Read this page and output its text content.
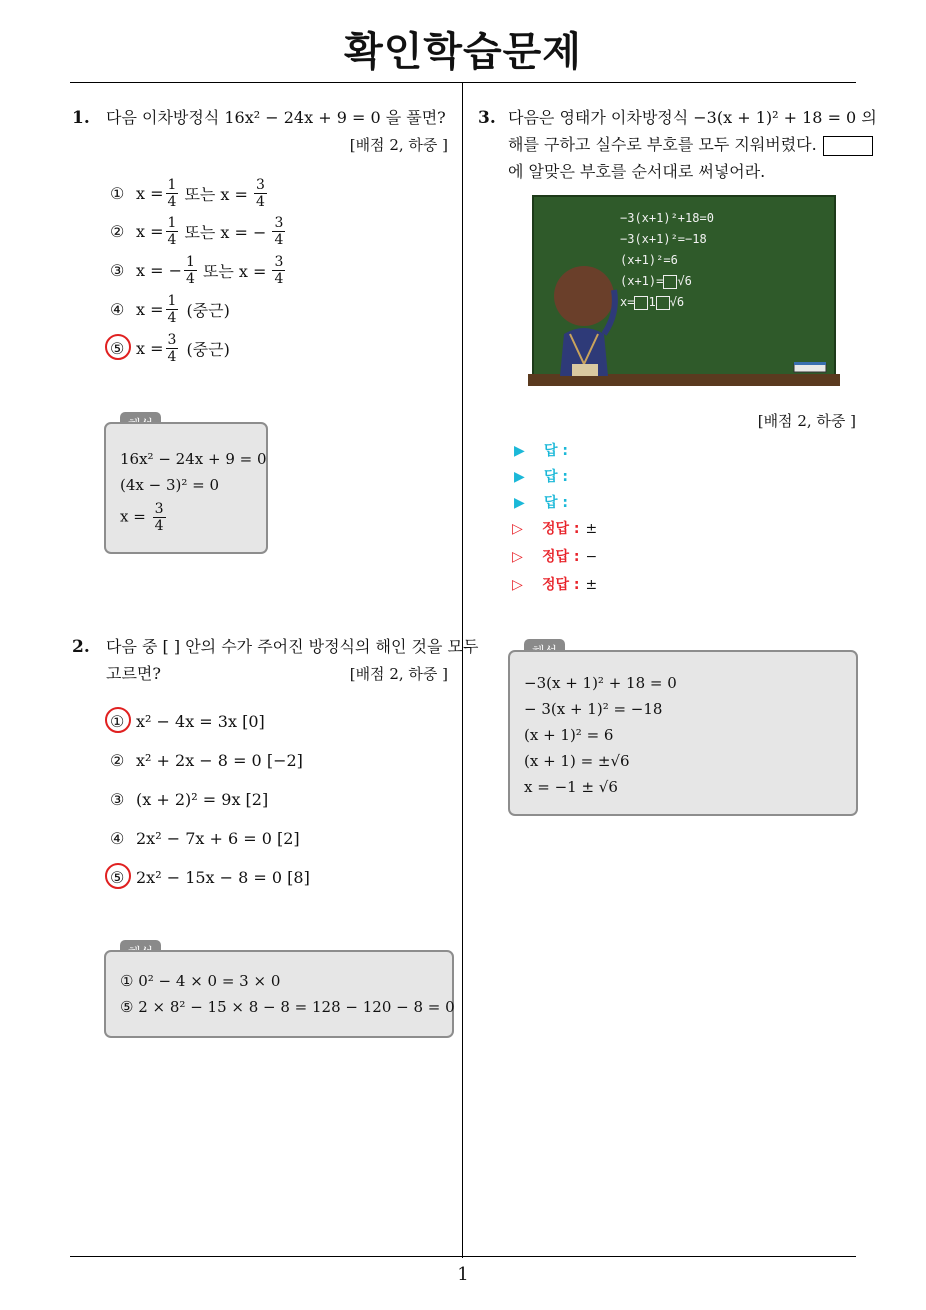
확인학습문제
1
1. 다음 이차방정식 16x² − 24x + 9 = 0 을 풀면?
[배점 2, 하중 ]
① $x = \frac{1}{4}$ 또는 $x = \frac{3}{4}$
② $x = \frac{1}{4}$ 또는 x = − $\frac{3}{4}$
③ x = − $\frac{1}{4}$ 또는 $x = \frac{3}{4}$
④ $x = \frac{1}{4}$ (중근)
⑤ $x = \frac{3}{4}$ (중근)
16x² − 24x + 9 = 0
(4x − 3)² = 0
$x = \frac{3}{4}$
2. 다음 중 [ ] 안의 수가 주어진 방정식의 해인 것을 모두
고르면?	[배점 2, 하중 ]
① x² − 4x = 3x [0]
② x² + 2x − 8 = 0 [−2]
③ (x + 2)² = 9x [2]
④ 2x² − 7x + 6 = 0 [2]
⑤ 2x² − 15x − 8 = 0 [8]
① 0² − 4 × 0 = 3 × 0
⑤ 2 × 8² − 15 × 8 − 8 = 128 − 120 − 8 = 0
3. 다음은 영태가 이차방정식 −3(x + 1)² + 18 = 0 의
해를 구하고 실수로 부호를 모두 지워버렸다.
에 알맞은 부호를 순서대로 써넣어라.
−3(x+1)²+18=0
−3(x+1)²=−18
(x+1)²=6
(x+1)= √6
x= 1 √6
[배점 2, 하중 ]
▶ 답 :
▶ 답 :
▶ 답 :
▷ 정답 : ±
▷ 정답 : −
▷ 정답 : ±
−3(x + 1)² + 18 = 0
− 3(x + 1)² = −18
(x + 1)² = 6
(x + 1) = ±√6
x = −1 ± √6
